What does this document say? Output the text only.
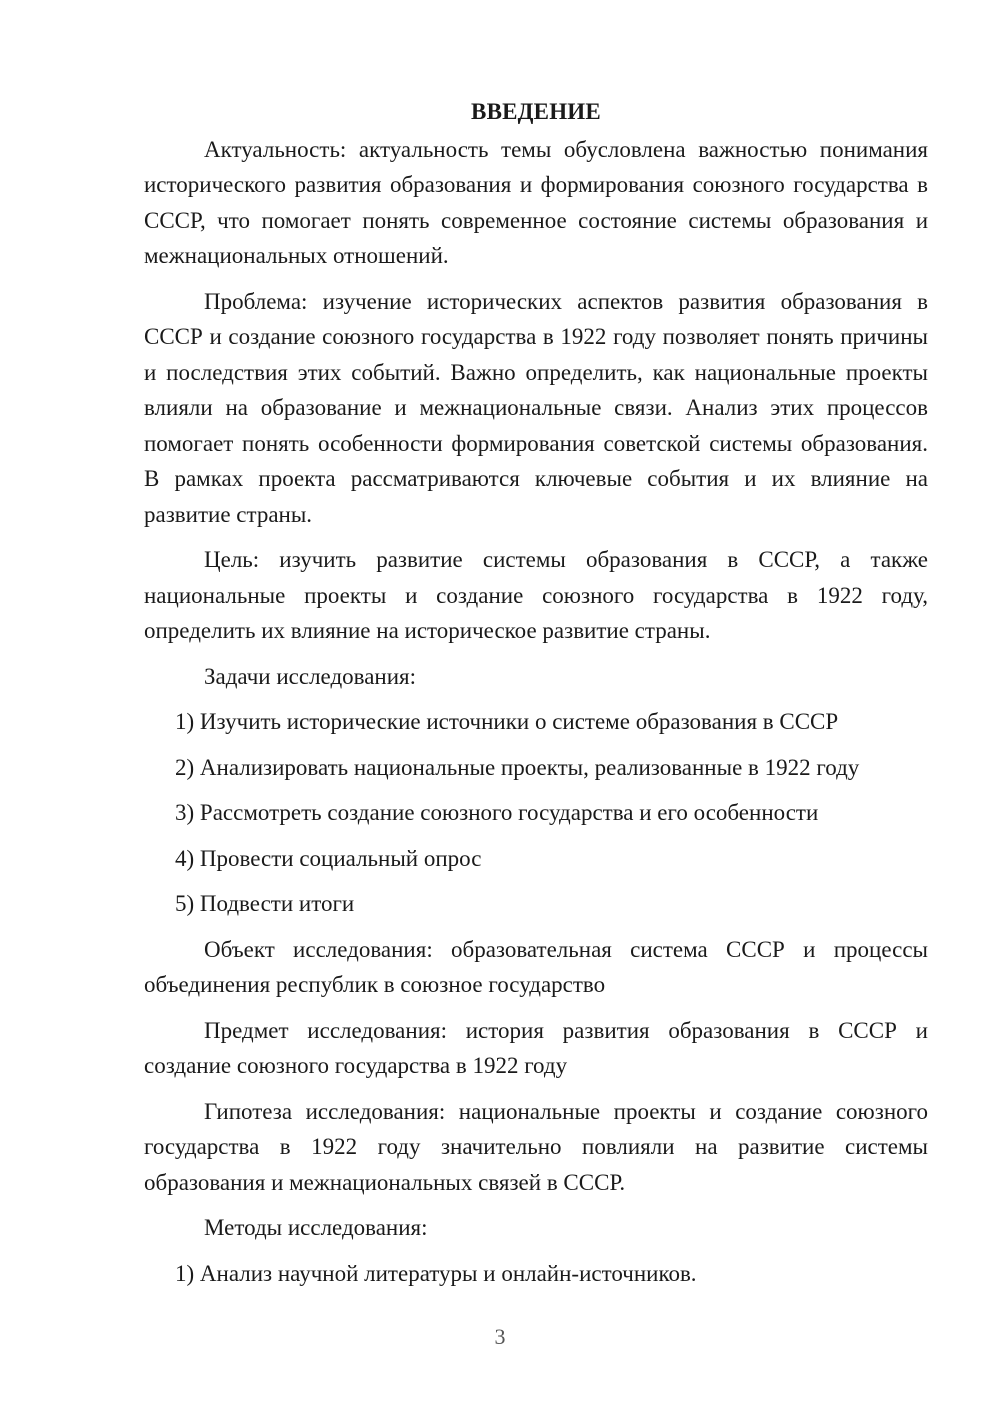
ВВЕДЕНИЕ

Актуальность: актуальность темы обусловлена важностью понимания исторического развития образования и формирования союзного государства в СССР, что помогает понять современное состояние системы образования и межнациональных отношений.

Проблема: изучение исторических аспектов развития образования в СССР и создание союзного государства в 1922 году позволяет понять причины и последствия этих событий. Важно определить, как национальные проекты влияли на образование и межнациональные связи. Анализ этих процессов помогает понять особенности формирования советской системы образования. В рамках проекта рассматриваются ключевые события и их влияние на развитие страны.

Цель: изучить развитие системы образования в СССР, а также национальные проекты и создание союзного государства в 1922 году, определить их влияние на историческое развитие страны.

Задачи исследования:

1) Изучить исторические источники о системе образования в СССР
2) Анализировать национальные проекты, реализованные в 1922 году
3) Рассмотреть создание союзного государства и его особенности
4) Провести социальный опрос
5) Подвести итоги

Объект исследования: образовательная система СССР и процессы объединения республик в союзное государство

Предмет исследования: история развития образования в СССР и создание союзного государства в 1922 году

Гипотеза исследования: национальные проекты и создание союзного государства в 1922 году значительно повлияли на развитие системы образования и межнациональных связей в СССР.

Методы исследования:

1) Анализ научной литературы и онлайн-источников.
3
